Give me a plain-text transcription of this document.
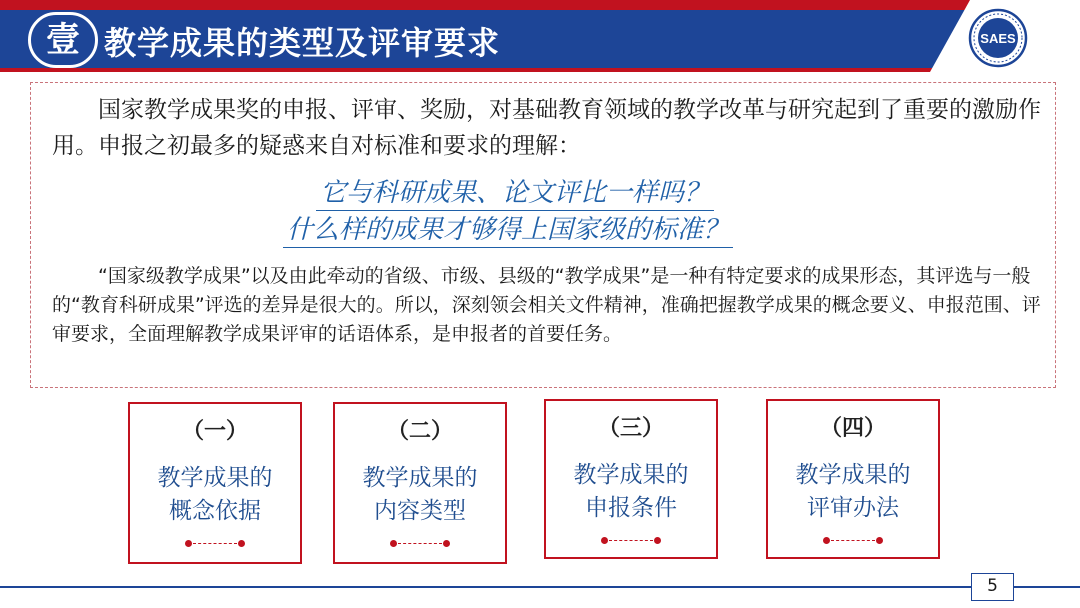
壹 教学成果的类型及评审要求	SAES
国家教学成果奖的申报、评审、奖励，对基础教育领域的教学改革与研究起到了重要的激励作用。申报之初最多的疑惑来自对标准和要求的理解：
它与科研成果、论文评比一样吗？
什么样的成果才够得上国家级的标准？
“国家级教学成果”以及由此牵动的省级、市级、县级的“教学成果”是一种有特定要求的成果形态，其评选与一般的“教育科研成果”评选的差异是很大的。所以，深刻领会相关文件精神，准确把握教学成果的概念要义、申报范围、评审要求，全面理解教学成果评审的话语体系，是申报者的首要任务。
（一）
教学成果的
概念依据
（二）
教学成果的
内容类型
（三）
教学成果的
申报条件
（四）
教学成果的
评审办法
5
